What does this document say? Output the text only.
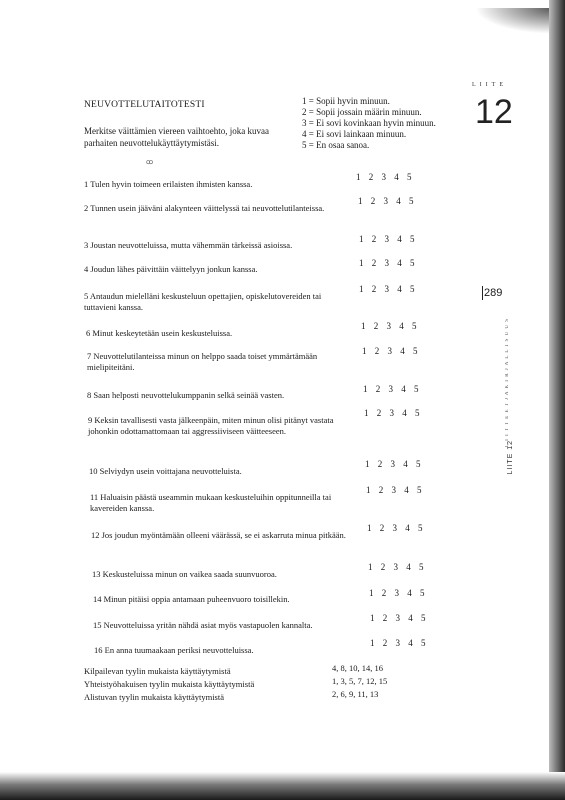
NEUVOTTELUTAITOTESTI
Merkitse väittämien viereen vaihtoehto, joka kuvaa parhaiten neuvottelukäyttäytymistäsi.
1 = Sopii hyvin minuun.
2 = Sopii jossain määrin minuun.
3 = Ei sovi kovinkaan hyvin minuun.
4 = Ei sovi lainkaan minuun.
5 = En osaa sanoa.
LIITE
12
289
L I I T T E E T J A K I R J A L L I S U U S
LIITE 12
ꝏ
1 Tulen hyvin toimeen erilaisten ihmisten kanssa.
1 2 3 4 5
2 Tunnen usein jääväni alakynteen väittelyssä tai neuvottelutilanteissa.
1 2 3 4 5
3 Joustan neuvotteluissa, mutta vähemmän tärkeissä asioissa.
1 2 3 4 5
4 Joudun lähes päivittäin väittelyyn jonkun kanssa.
1 2 3 4 5
5 Antaudun mielelläni keskusteluun opettajien, opiskelutovereiden tai tuttavieni kanssa.
1 2 3 4 5
6 Minut keskeytetään usein keskusteluissa.
1 2 3 4 5
7 Neuvottelutilanteissa minun on helppo saada toiset ymmärtämään mielipiteitäni.
1 2 3 4 5
8 Saan helposti neuvottelukumppanin selkä seinää vasten.
1 2 3 4 5
9 Keksin tavallisesti vasta jälkeenpäin, miten minun olisi pitänyt vastata johonkin odottamattomaan tai aggressiiviseen väitteeseen.
1 2 3 4 5
10 Selviydyn usein voittajana neuvotteluista.
1 2 3 4 5
11 Haluaisin päästä useammin mukaan keskusteluihin oppitunneilla tai kavereiden kanssa.
1 2 3 4 5
12 Jos joudun myöntämään olleeni väärässä, se ei askarruta minua pitkään.
1 2 3 4 5
13 Keskusteluissa minun on vaikea saada suunvuoroa.
1 2 3 4 5
14 Minun pitäisi oppia antamaan puheenvuoro toisillekin.
1 2 3 4 5
15 Neuvotteluissa yritän nähdä asiat myös vastapuolen kannalta.
1 2 3 4 5
16 En anna tuumaakaan periksi neuvotteluissa.
1 2 3 4 5
Kilpailevan tyylin mukaista käyttäytymistä	4, 8, 10, 14, 16
Yhteistyöhakuisen tyylin mukaista käyttäytymistä	1, 3, 5, 7, 12, 15
Alistuvan tyylin mukaista käyttäytymistä	2, 6, 9, 11, 13
